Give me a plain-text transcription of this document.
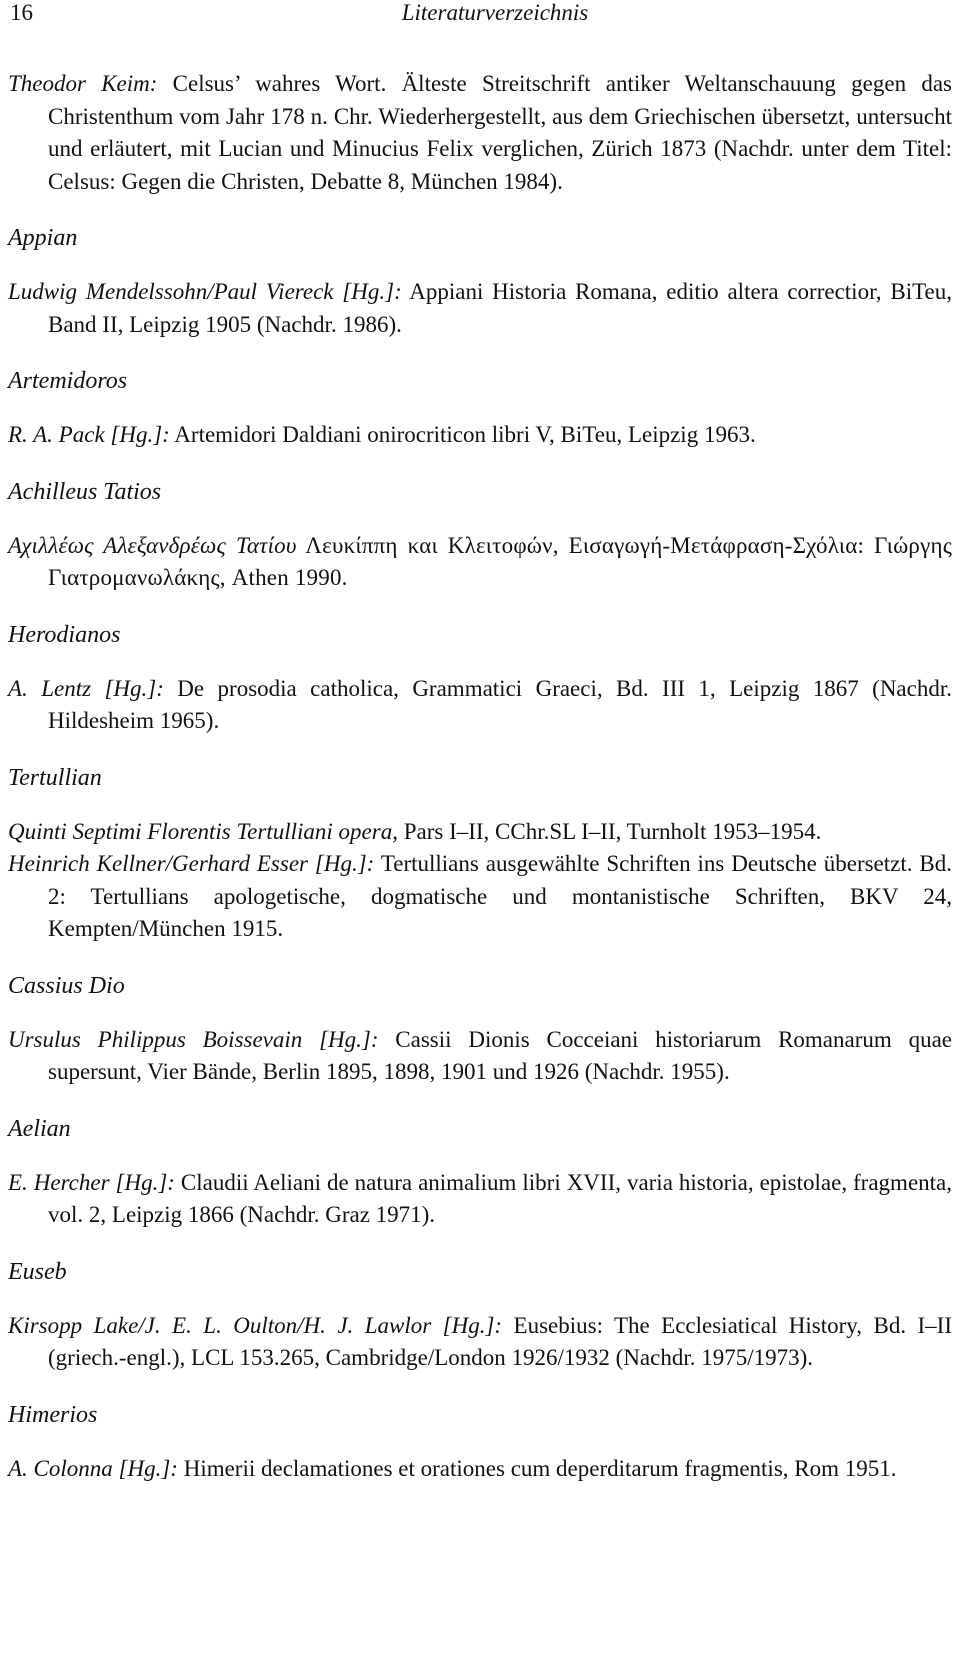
16	Literaturverzeichnis

Theodor Keim: Celsus’ wahres Wort. Älteste Streitschrift antiker Weltanschauung gegen das Christenthum vom Jahr 178 n. Chr. Wiederhergestellt, aus dem Griechischen übersetzt, untersucht und erläutert, mit Lucian und Minucius Felix verglichen, Zürich 1873 (Nachdr. unter dem Titel: Celsus: Gegen die Christen, Debatte 8, München 1984).

Appian

Ludwig Mendelssohn/Paul Viereck [Hg.]: Appiani Historia Romana, editio altera correctior, BiTeu, Band II, Leipzig 1905 (Nachdr. 1986).

Artemidoros

R. A. Pack [Hg.]: Artemidori Daldiani onirocriticon libri V, BiTeu, Leipzig 1963.

Achilleus Tatios

Αχιλλέως Αλεξανδρέως Τατίου Λευκίππη και Κλειτοφών, Εισαγωγή-Μετάφραση-Σχόλια: Γιώργης Γιατρομανωλάκης, Athen 1990.

Herodianos

A. Lentz [Hg.]: De prosodia catholica, Grammatici Graeci, Bd. III 1, Leipzig 1867 (Nachdr. Hildesheim 1965).

Tertullian

Quinti Septimi Florentis Tertulliani opera, Pars I–II, CChr.SL I–II, Turnholt 1953–1954.

Heinrich Kellner/Gerhard Esser [Hg.]: Tertullians ausgewählte Schriften ins Deutsche übersetzt. Bd. 2: Tertullians apologetische, dogmatische und montanistische Schriften, BKV 24, Kempten/München 1915.

Cassius Dio

Ursulus Philippus Boissevain [Hg.]: Cassii Dionis Cocceiani historiarum Romanarum quae supersunt, Vier Bände, Berlin 1895, 1898, 1901 und 1926 (Nachdr. 1955).

Aelian

E. Hercher [Hg.]: Claudii Aeliani de natura animalium libri XVII, varia historia, epistolae, fragmenta, vol. 2, Leipzig 1866 (Nachdr. Graz 1971).

Euseb

Kirsopp Lake/J. E. L. Oulton/H. J. Lawlor [Hg.]: Eusebius: The Ecclesiatical History, Bd. I–II (griech.-engl.), LCL 153.265, Cambridge/London 1926/1932 (Nachdr. 1975/1973).

Himerios

A. Colonna [Hg.]: Himerii declamationes et orationes cum deperditarum fragmentis, Rom 1951.
